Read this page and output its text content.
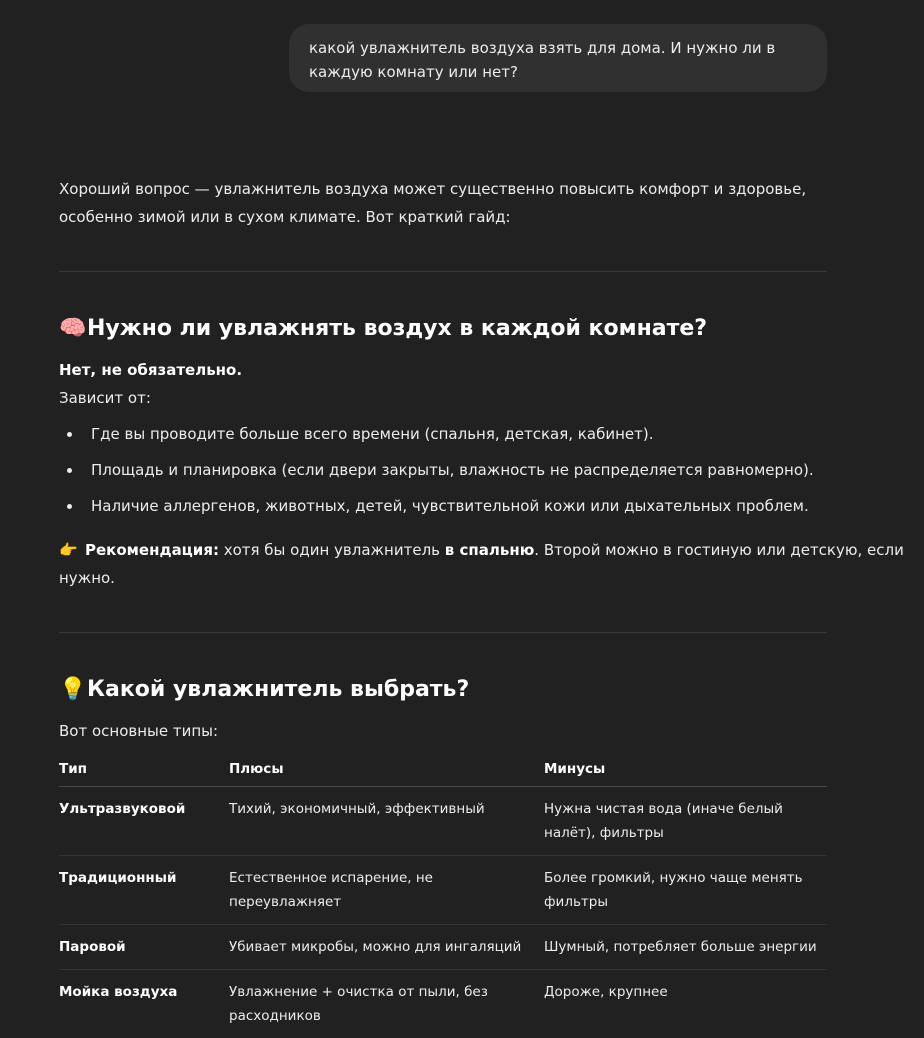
какой увлажнитель воздуха взять для дома. И нужно ли в каждую комнату или нет?
Хороший вопрос — увлажнитель воздуха может существенно повысить комфорт и здоровье,
особенно зимой или в сухом климате. Вот краткий гайд:
🧠Нужно ли увлажнять воздух в каждой комнате?
Нет, не обязательно.
Зависит от:
Где вы проводите больше всего времени (спальня, детская, кабинет).
Площадь и планировка (если двери закрыты, влажность не распределяется равномерно).
Наличие аллергенов, животных, детей, чувствительной кожи или дыхательных проблем.
👉 Рекомендация: хотя бы один увлажнитель в спальню. Второй можно в гостиную или детскую, если
нужно.
💡Какой увлажнитель выбрать?
Вот основные типы:
Тип	Плюсы	Минусы
Ультразвуковой	Тихий, экономичный, эффективный	Нужна чистая вода (иначе белый налёт), фильтры
Традиционный	Естественное испарение, не переувлажняет	Более громкий, нужно чаще менять фильтры
Паровой	Убивает микробы, можно для ингаляций	Шумный, потребляет больше энергии
Мойка воздуха	Увлажнение + очистка от пыли, без расходников	Дороже, крупнее
